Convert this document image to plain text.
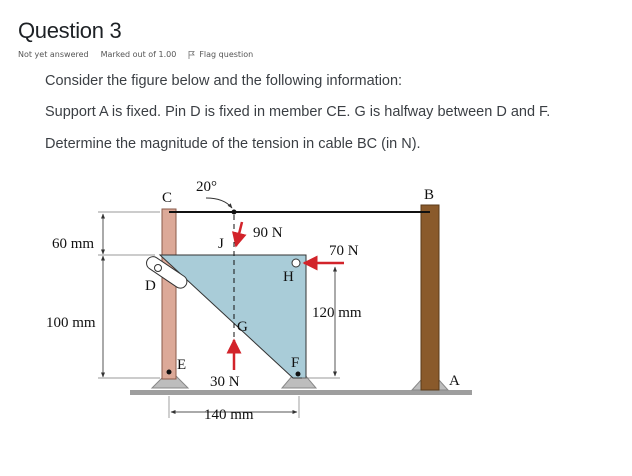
Question 3
Not yet answered Marked out of 1.00	Flag question
Consider the figure below and the following information:
Support A is fixed. Pin D is fixed in member CE. G is halfway between D and F.
Determine the magnitude of the tension in cable BC (in N).
C	B
A
D
E	F
G
H
J
20°
90 N
70 N
30 N
60 mm
100 mm
120 mm
140 mm
